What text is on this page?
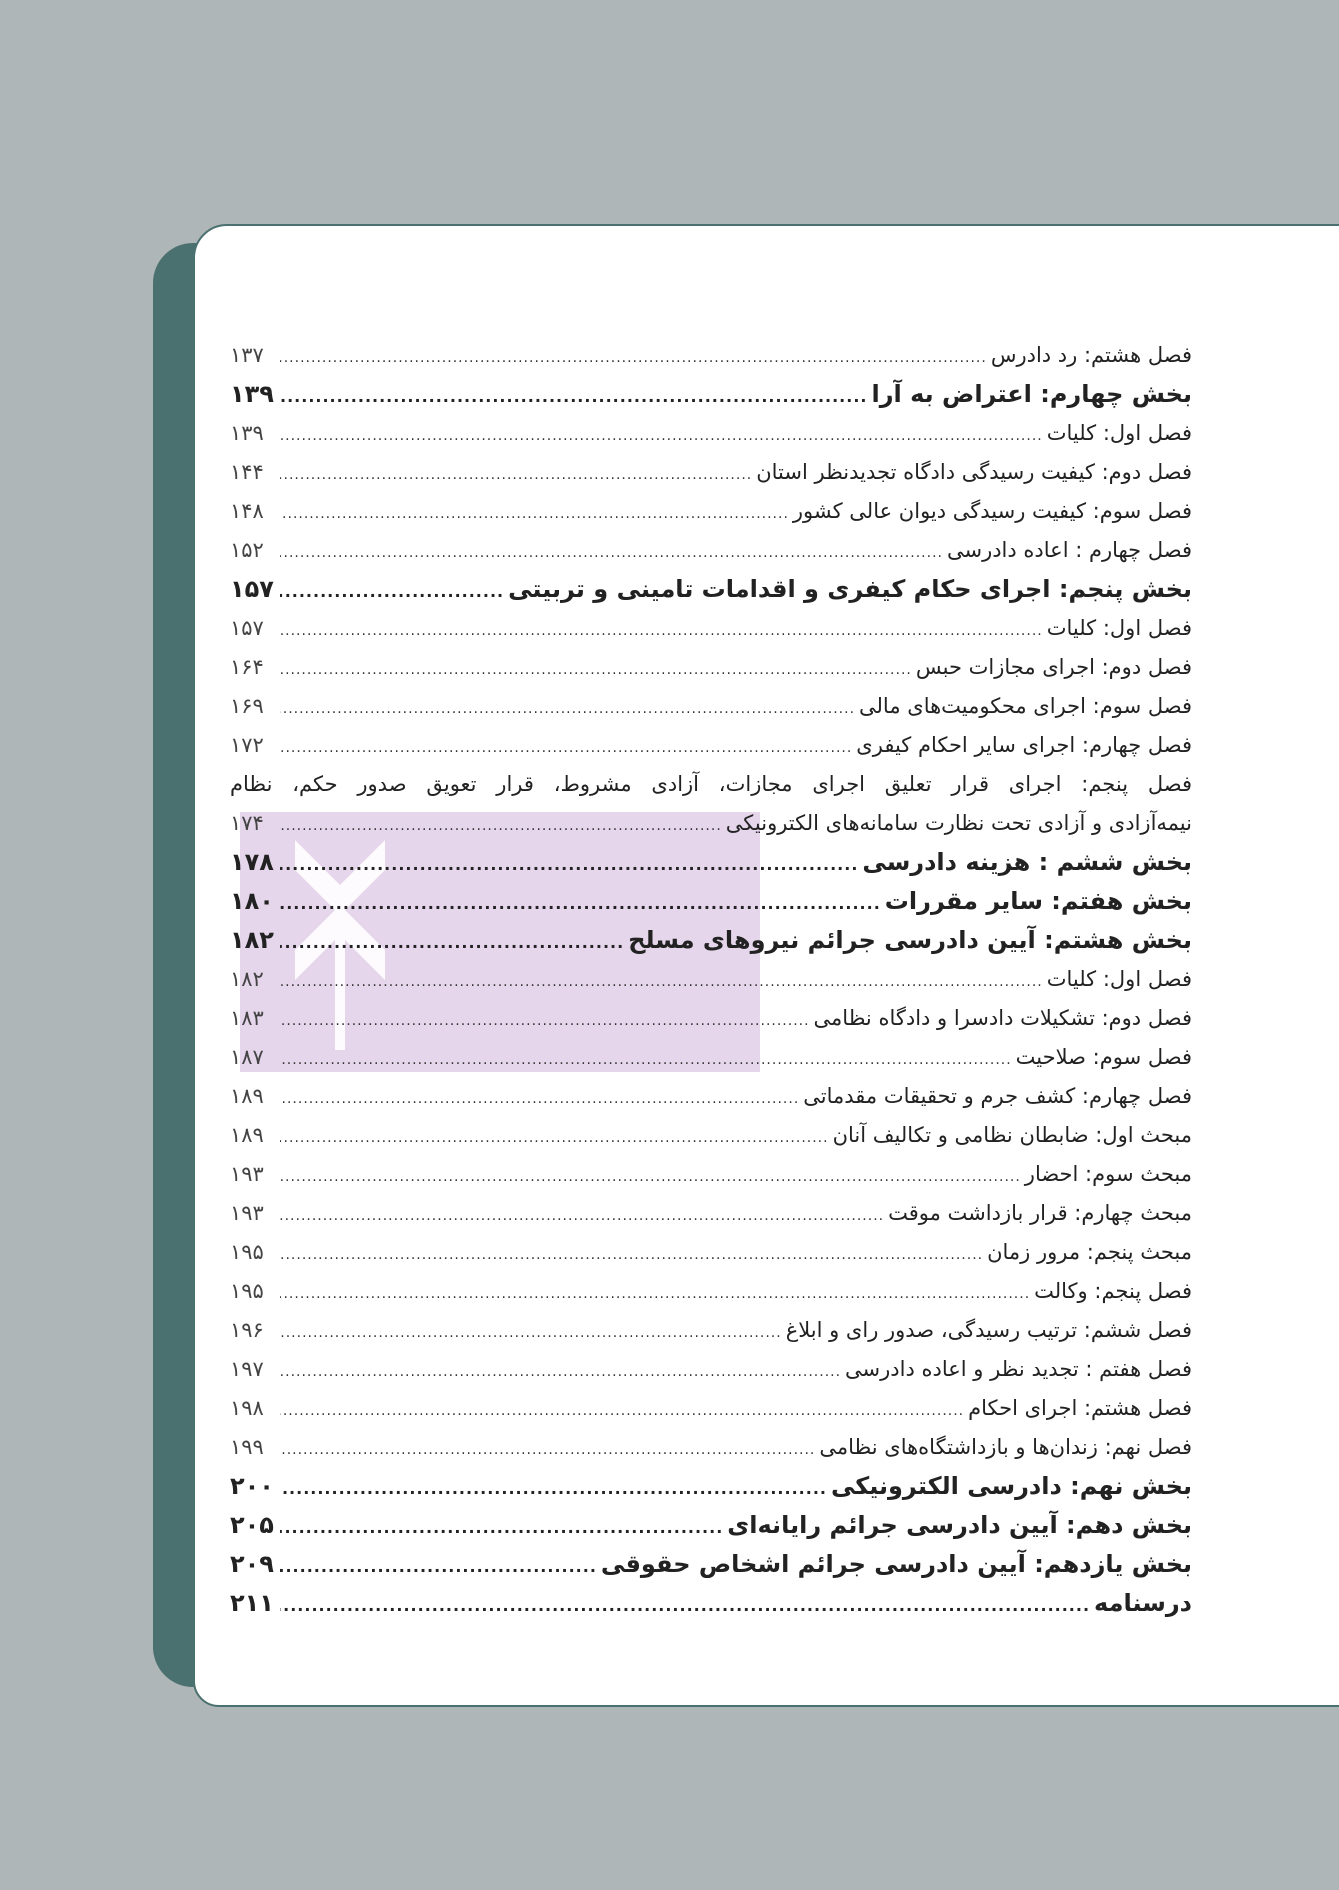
فصل هشتم: رد دادرس
.....
۱۳۷
بخش چهارم: اعتراض به آرا
.....
۱۳۹
فصل اول: کلیات
.....
۱۳۹
فصل دوم: کیفیت رسیدگی دادگاه تجدیدنظر استان
.....
۱۴۴
فصل سوم: کیفیت رسیدگی دیوان عالی کشور
.....
۱۴۸
فصل چهارم : اعاده دادرسی
.....
۱۵۲
بخش پنجم: اجرای حکام کیفری و اقدامات تامینی و تربیتی
.....
۱۵۷
فصل اول: کلیات
.....
۱۵۷
فصل دوم: اجرای مجازات حبس
.....
۱۶۴
فصل سوم: اجرای محکومیت‌های مالی
.....
۱۶۹
فصل چهارم: اجرای سایر احکام کیفری
.....
۱۷۲
فصل پنجم: اجرای قرار تعلیق اجرای مجازات، آزادی مشروط، قرار تعویق صدور حکم، نظام
نیمه‌آزادی و آزادی تحت نظارت سامانه‌های الکترونیکی
.....
۱۷۴
بخش ششم : هزینه دادرسی
.....
۱۷۸
بخش هفتم: سایر مقررات
.....
۱۸۰
بخش هشتم: آیین دادرسی جرائم نیروهای مسلح
.....
۱۸۲
فصل اول: کلیات
.....
۱۸۲
فصل دوم: تشکیلات دادسرا و دادگاه نظامی
.....
۱۸۳
فصل سوم: صلاحیت
.....
۱۸۷
فصل چهارم: کشف جرم و تحقیقات مقدماتی
.....
۱۸۹
مبحث اول: ضابطان نظامی و تکالیف آنان
.....
۱۸۹
مبحث سوم: احضار
.....
۱۹۳
مبحث چهارم: قرار بازداشت موقت
.....
۱۹۳
مبحث پنجم: مرور زمان
.....
۱۹۵
فصل پنجم: وکالت
.....
۱۹۵
فصل ششم: ترتیب رسیدگی، صدور رای و ابلاغ
.....
۱۹۶
فصل هفتم : تجدید نظر و اعاده دادرسی
.....
۱۹۷
فصل هشتم: اجرای احکام
.....
۱۹۸
فصل نهم: زندان‌ها و بازداشتگاه‌های نظامی
.....
۱۹۹
بخش نهم: دادرسی الکترونیکی
.....
۲۰۰
بخش دهم: آیین دادرسی جرائم رایانه‌ای
.....
۲۰۵
بخش یازدهم: آیین دادرسی جرائم اشخاص حقوقی
.....
۲۰۹
درسنامه
.....
۲۱۱
